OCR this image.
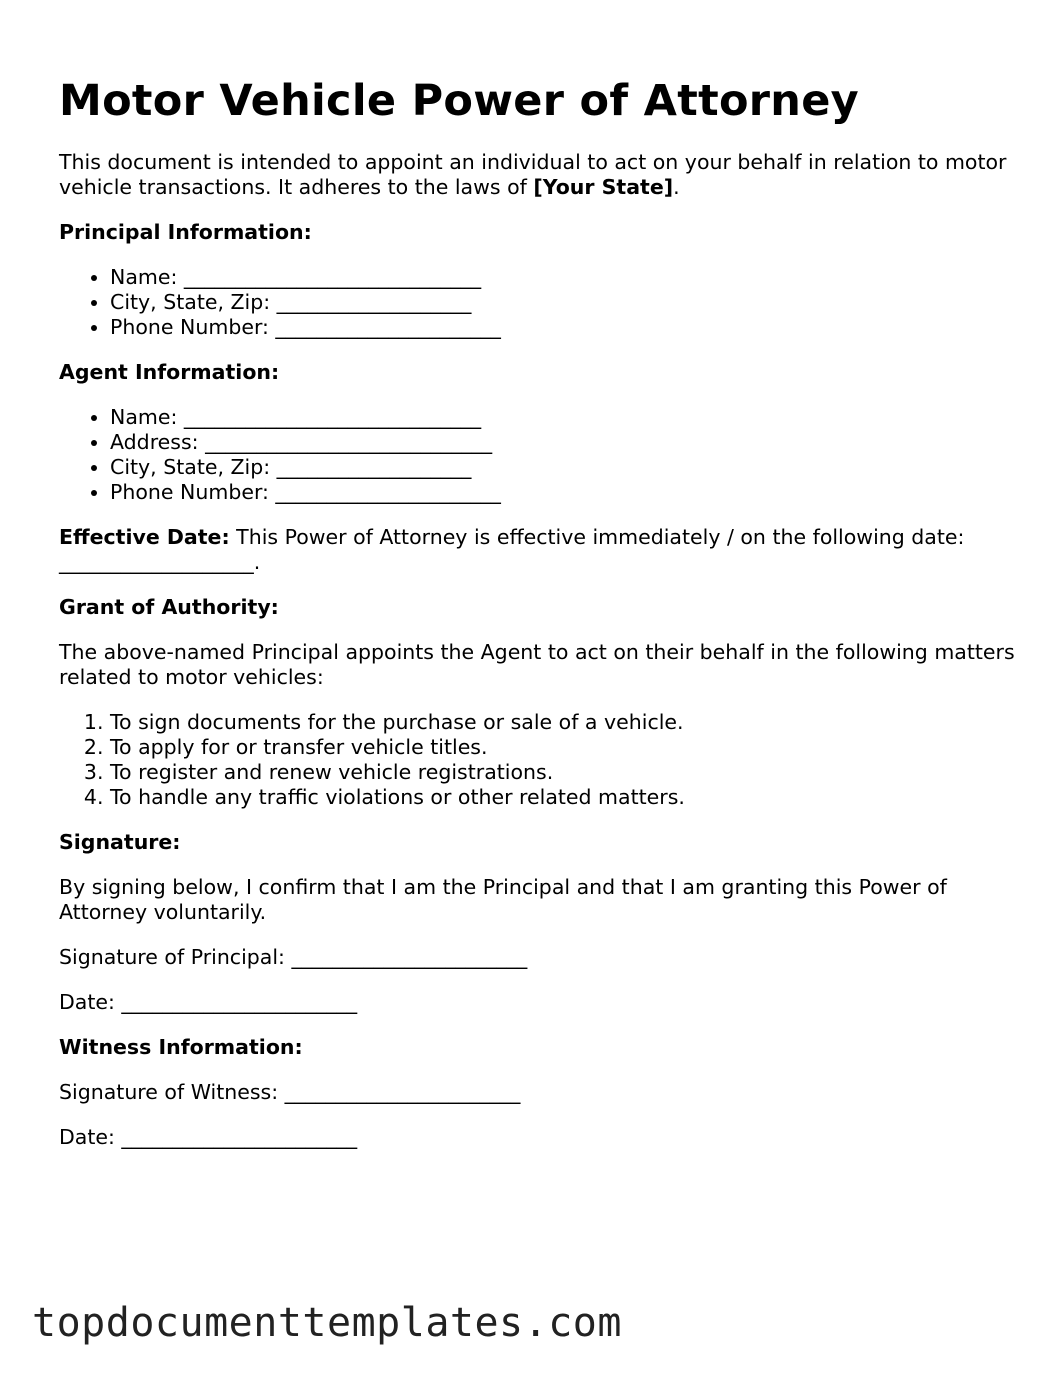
Motor Vehicle Power of Attorney

This document is intended to appoint an individual to act on your behalf in relation to motor vehicle transactions. It adheres to the laws of [Your State].

Principal Information:
• Name: _____________________________
• City, State, Zip: ___________________
• Phone Number: ______________________
Agent Information:
• Name: _____________________________
• Address: ____________________________
• City, State, Zip: ___________________
• Phone Number: ______________________

Effective Date: This Power of Attorney is effective immediately / on the following date: ___________________.

Grant of Authority:

The above-named Principal appoints the Agent to act on their behalf in the following matters related to motor vehicles:

1. To sign documents for the purchase or sale of a vehicle.
2. To apply for or transfer vehicle titles.
3. To register and renew vehicle registrations.
4. To handle any traffic violations or other related matters.
Signature:

By signing below, I confirm that I am the Principal and that I am granting this Power of Attorney voluntarily.

Signature of Principal: _______________________

Date: _______________________

Witness Information:

Signature of Witness: _______________________

Date: _______________________

topdocumenttemplates.com
